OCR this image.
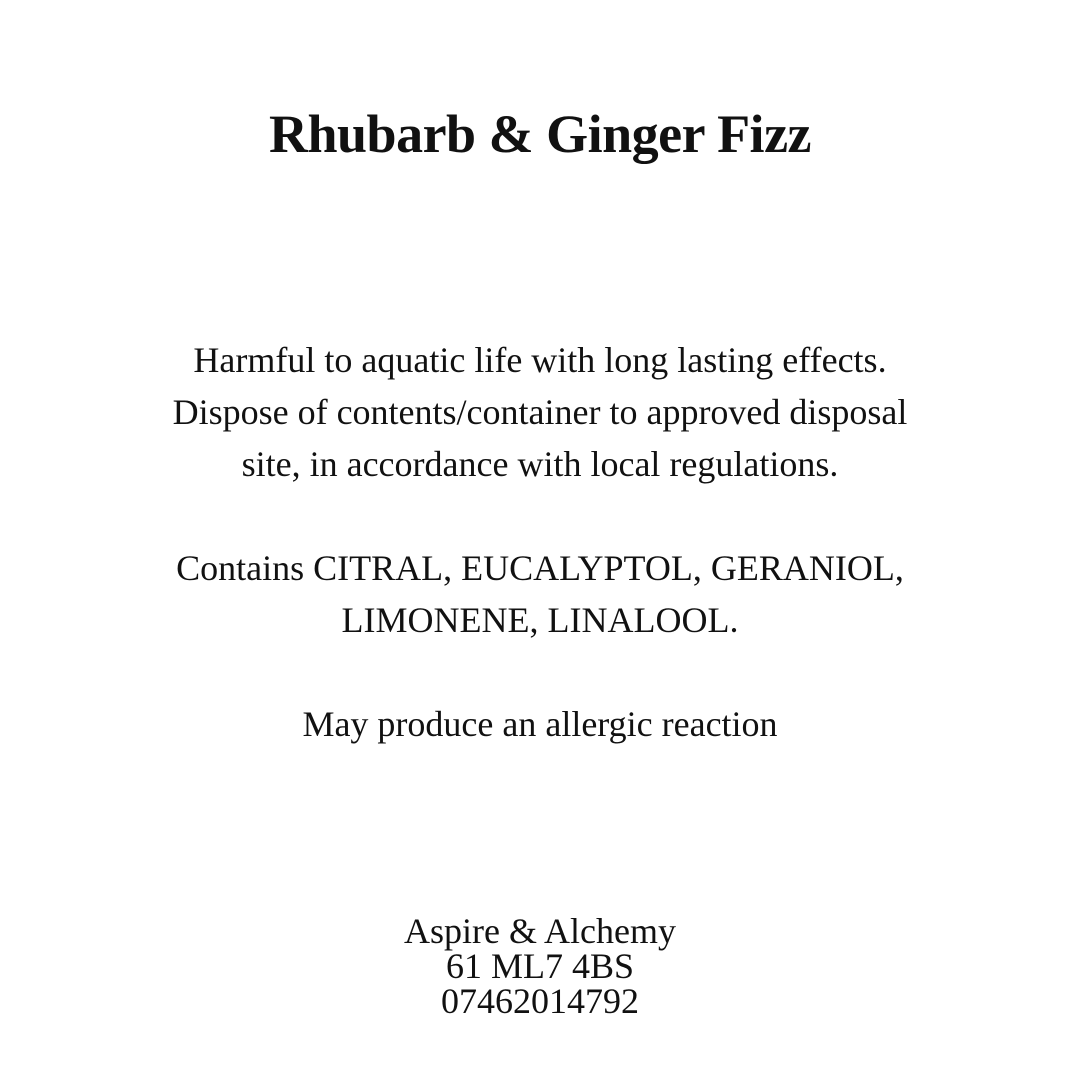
Rhubarb & Ginger Fizz

Harmful to aquatic life with long lasting effects.
Dispose of contents/container to approved disposal
site, in accordance with local regulations.

Contains CITRAL, EUCALYPTOL, GERANIOL,
LIMONENE, LINALOOL.

May produce an allergic reaction

Aspire & Alchemy
61 ML7 4BS
07462014792
